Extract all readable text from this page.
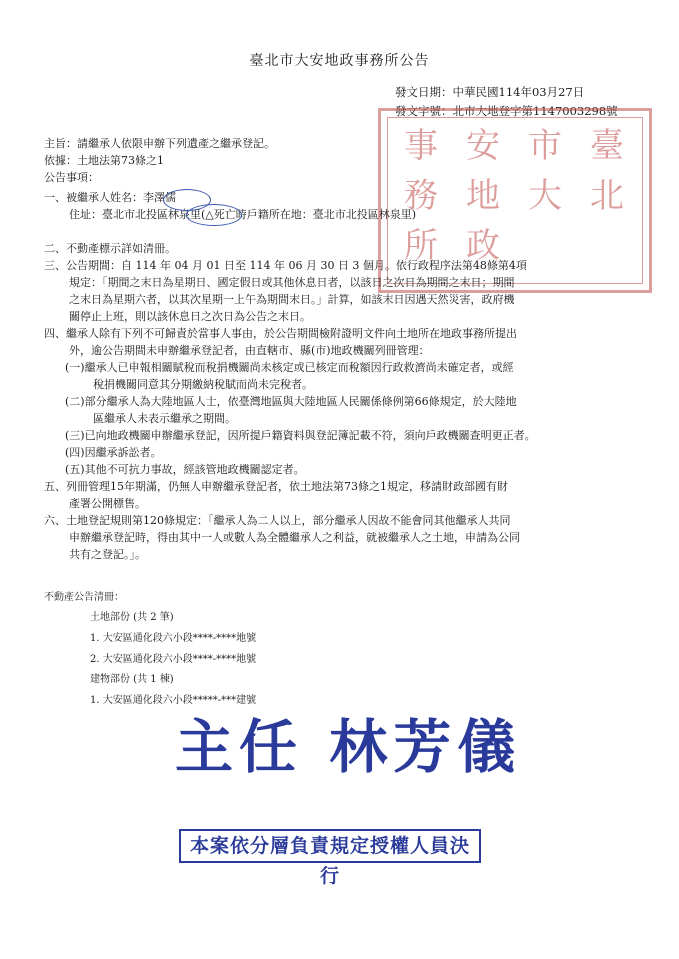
臺北市大安地政事務所公告
發文日期：中華民國114年03月27日
發文字號：北市大地登字第1147003298號
事
務
所
安
地
政
市
大

臺
北

主旨：請繼承人依限申辦下列遺產之繼承登記。
依據：土地法第73條之1
公告事項：
一、被繼承人姓名：李澤儒
住址：臺北市北投區林泉里(△死亡時戶籍所在地：臺北市北投區林泉里)
二、不動產標示詳如清冊。
三、公告期間：自 114 年 04 月 01 日至 114 年 06 月 30 日 3 個月。依行政程序法第48條第4項
規定：「期間之末日為星期日、國定假日或其他休息日者，以該日之次日為期間之末日；期間
之末日為星期六者，以其次星期一上午為期間末日。」計算，如該末日因遇天然災害，政府機
關停止上班，則以該休息日之次日為公告之末日。
四、繼承人除有下列不可歸責於當事人事由，於公告期間檢附證明文件向土地所在地政事務所提出
外，逾公告期間未申辦繼承登記者，由直轄市、縣(市)地政機關列冊管理：
(一)繼承人已申報相關賦稅而稅捐機關尚未核定或已核定而稅額因行政救濟尚未確定者，或經
稅捐機關同意其分期繳納稅賦而尚未完稅者。
(二)部分繼承人為大陸地區人士，依臺灣地區與大陸地區人民關係條例第66條規定，於大陸地
區繼承人未表示繼承之期間。
(三)已向地政機關申辦繼承登記，因所提戶籍資料與登記簿記載不符，須向戶政機關查明更正者。
(四)因繼承訴訟者。
(五)其他不可抗力事故，經該管地政機關認定者。
五、列冊管理15年期滿，仍無人申辦繼承登記者，依土地法第73條之1規定，移請財政部國有財
產署公開標售。
六、土地登記規則第120條規定：「繼承人為二人以上，部分繼承人因故不能會同其他繼承人共同
申辦繼承登記時，得由其中一人或數人為全體繼承人之利益，就被繼承人之土地，申請為公同
共有之登記。」。
不動產公告清冊：
土地部份 (共 2 筆)
1. 大安區通化段六小段****-****地號
2. 大安區通化段六小段****-****地號
建物部份 (共 1 棟)
1. 大安區通化段六小段*****-***建號
主任 林芳儀
本案依分層負責規定授權人員決行
